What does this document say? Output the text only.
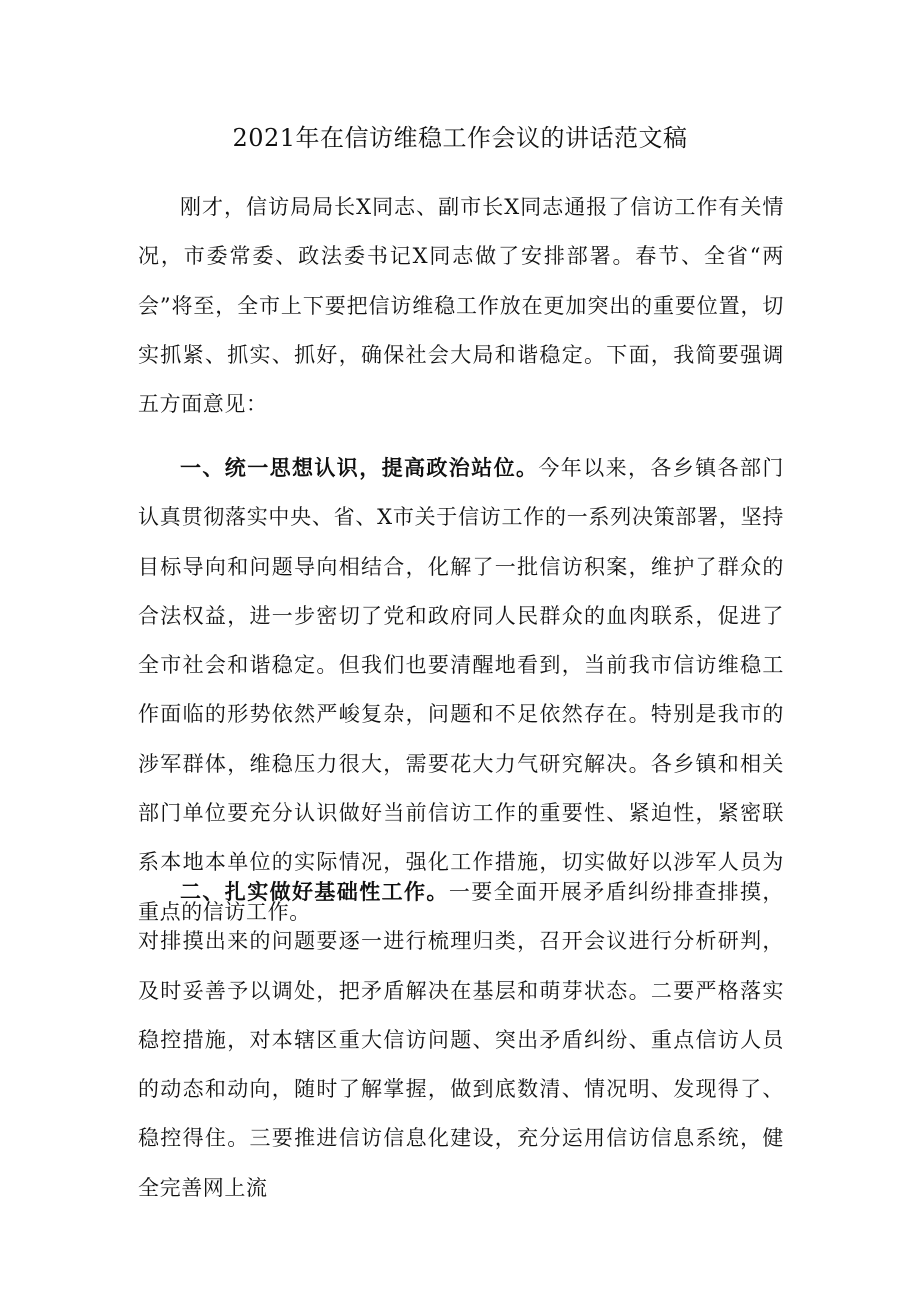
2021年在信访维稳工作会议的讲话范文稿

刚才，信访局局长X同志、副市长X同志通报了信访工作有关情况，市委常委、政法委书记X同志做了安排部署。春节、全省“两会”将至，全市上下要把信访维稳工作放在更加突出的重要位置，切实抓紧、抓实、抓好，确保社会大局和谐稳定。下面，我简要强调五方面意见：

一、统一思想认识，提高政治站位。今年以来，各乡镇各部门认真贯彻落实中央、省、X市关于信访工作的一系列决策部署，坚持目标导向和问题导向相结合，化解了一批信访积案，维护了群众的合法权益，进一步密切了党和政府同人民群众的血肉联系，促进了全市社会和谐稳定。但我们也要清醒地看到，当前我市信访维稳工作面临的形势依然严峻复杂，问题和不足依然存在。特别是我市的涉军群体，维稳压力很大，需要花大力气研究解决。各乡镇和相关部门单位要充分认识做好当前信访工作的重要性、紧迫性，紧密联系本地本单位的实际情况，强化工作措施，切实做好以涉军人员为重点的信访工作。

二、扎实做好基础性工作。一要全面开展矛盾纠纷排查排摸，对排摸出来的问题要逐一进行梳理归类，召开会议进行分析研判，及时妥善予以调处，把矛盾解决在基层和萌芽状态。二要严格落实稳控措施，对本辖区重大信访问题、突出矛盾纠纷、重点信访人员的动态和动向，随时了解掌握，做到底数清、情况明、发现得了、稳控得住。三要推进信访信息化建设，充分运用信访信息系统，健全完善网上流
